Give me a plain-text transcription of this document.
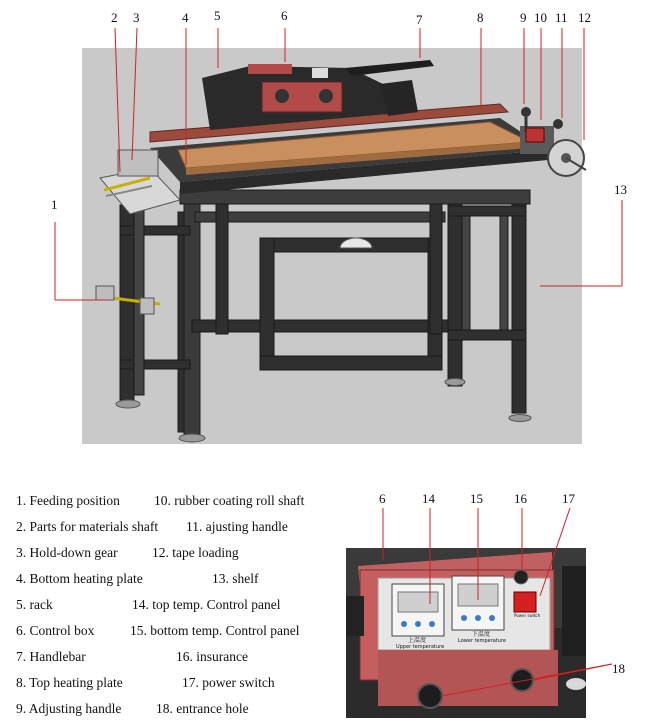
1
2 3	4 5	6	7	8	9 10 11 12
13
6	14	15 16	17
18
上温度
Upper temperature
下温度
Lower temperature
Power switch
1. Feeding position
2. Parts for materials shaft
3. Hold-down gear
4. Bottom heating plate
5. rack
6. Control box
7. Handlebar
8. Top heating plate
9. Adjusting handle
10. rubber coating roll shaft
11. ajusting handle
12. tape loading
13. shelf
14. top temp. Control panel
15. bottom temp. Control panel
16. insurance
17. power switch
18. entrance hole
